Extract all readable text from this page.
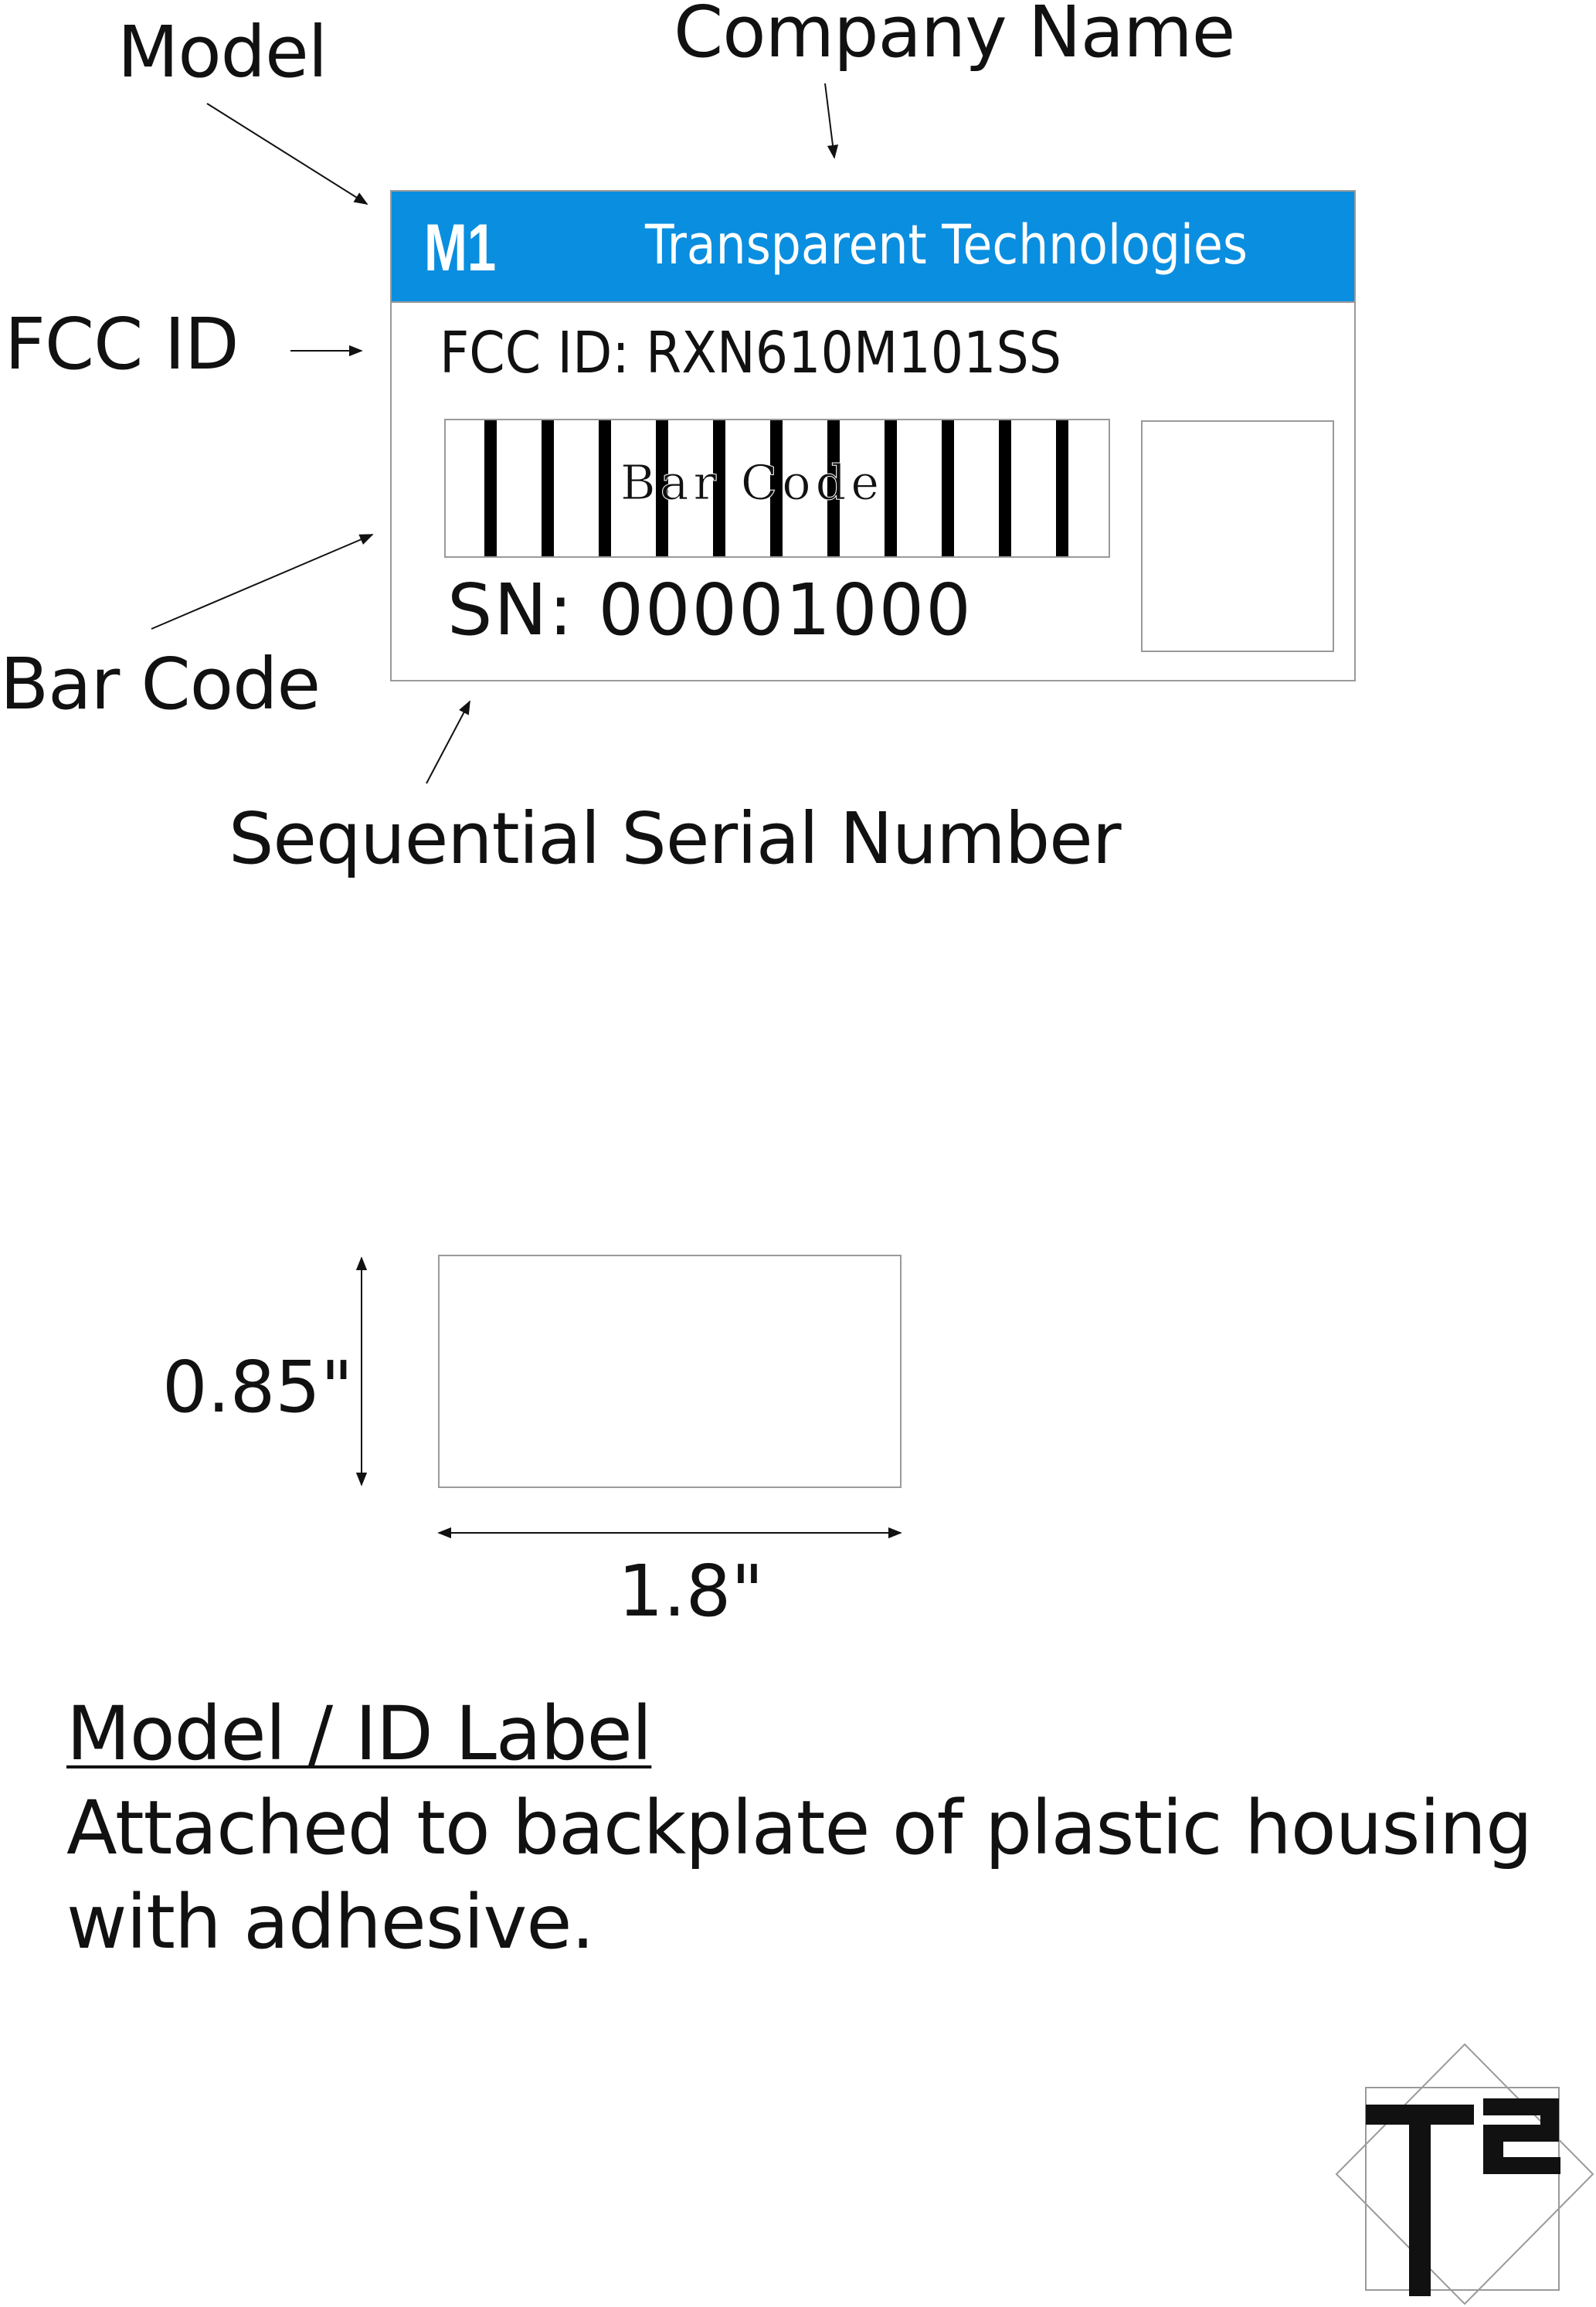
Model	Company Name
FCC ID
Bar Code
Sequential Serial Number
M1	Transparent Technologies
FCC ID: RXN610M101SS
Bar Code
SN: 00001000
0.85"
1.8"
Model / ID Label
Attached to backplate of plastic housing
with adhesive.
